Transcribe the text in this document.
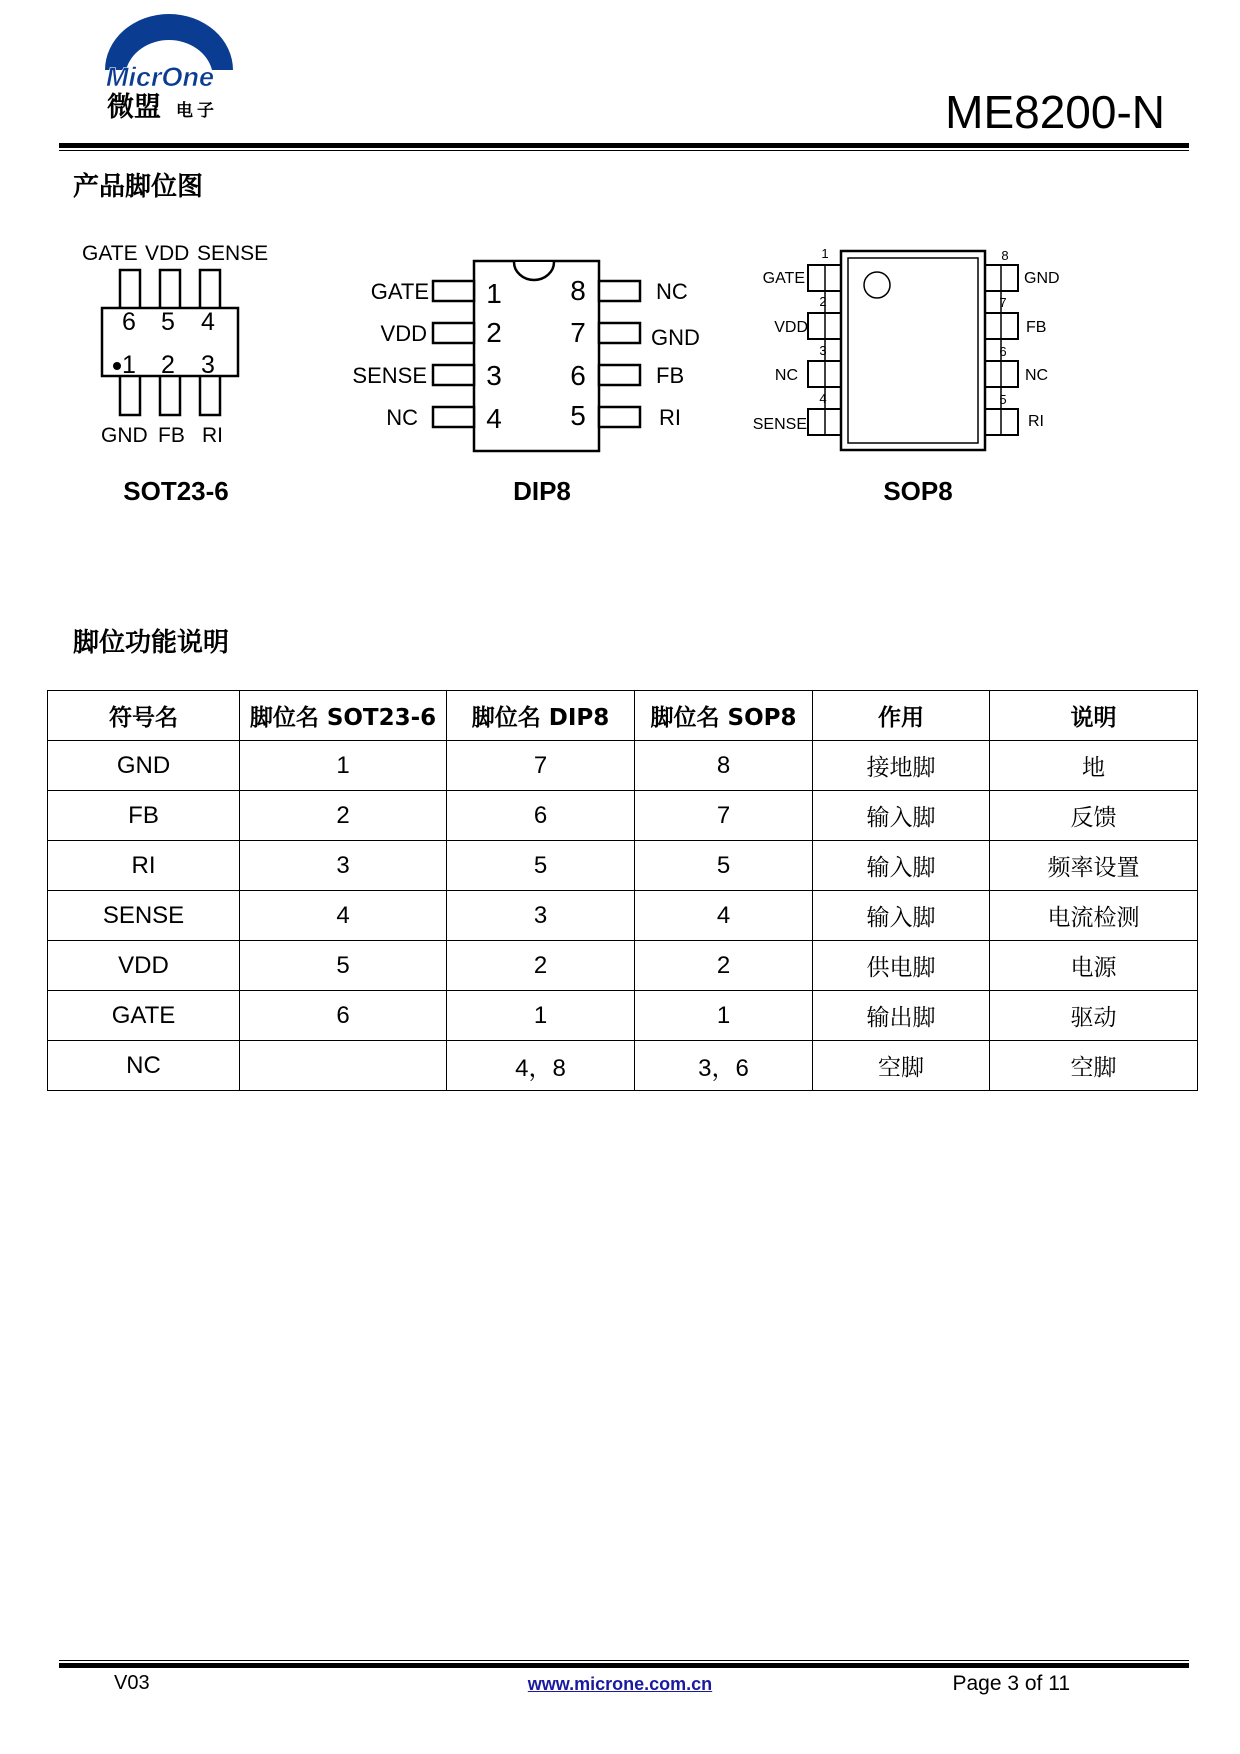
MicrOne
微盟 电子	ME8200-N
产品脚位图
GATE VDD SENSE
6 5 4
1 2 3
GND FB RI
SOT23-6
GATE
VDD
SENSE
NC
1
2
3
4
8
7
6
5
NC
GND
FB
RI
DIP8
1
2
3
4
8
7
6
5
GATE
VDD
NC
SENSE
GND
FB
NC
RI
SOP8
脚位功能说明
符号名	脚位名 SOT23-6	脚位名 DIP8	脚位名 SOP8	作用	说明
GND	1	7	8	接地脚	地
FB	2	6	7	输入脚	反馈
RI	3	5	5	输入脚	频率设置
SENSE	4	3	4	输入脚	电流检测
VDD	5	2	2	供电脚	电源
GATE	6	1	1	输出脚	驱动
NC		4，8	3，6	空脚	空脚
V03	www.microne.com.cn	Page 3 of 11
